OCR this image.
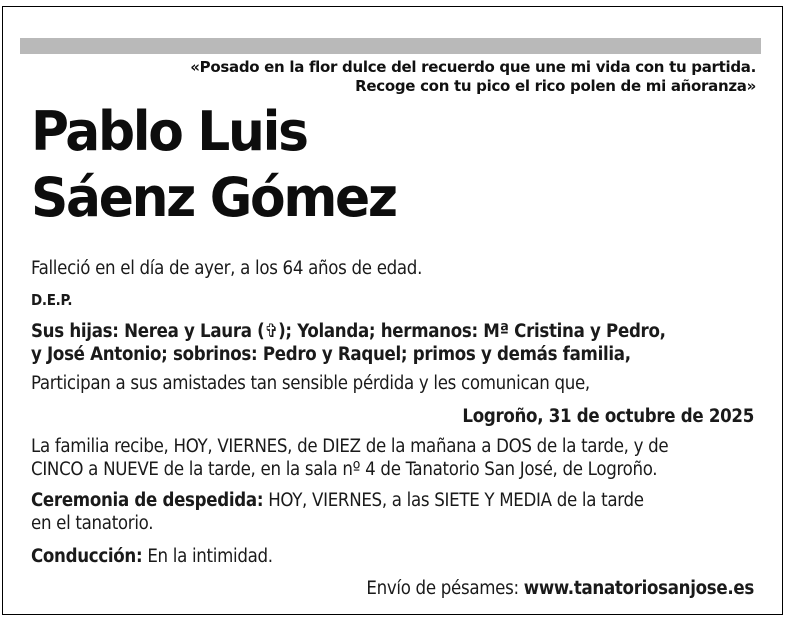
«Posado en la flor dulce del recuerdo que une mi vida con tu partida.
Recoge con tu pico el rico polen de mi añoranza»
Pablo Luis
Sáenz Gómez
Falleció en el día de ayer, a los 64 años de edad.
D.E.P.
Sus hijas: Nerea y Laura (✞); Yolanda; hermanos: Mª Cristina y Pedro,
y José Antonio; sobrinos: Pedro y Raquel; primos y demás familia,
Participan a sus amistades tan sensible pérdida y les comunican que,
Logroño, 31 de octubre de 2025
La familia recibe, HOY, VIERNES, de DIEZ de la mañana a DOS de la tarde, y de
CINCO a NUEVE de la tarde, en la sala nº 4 de Tanatorio San José, de Logroño.
Ceremonia de despedida: HOY, VIERNES, a las SIETE Y MEDIA de la tarde
en el tanatorio.
Conducción: En la intimidad.
Envío de pésames: www.tanatoriosanjose.es
